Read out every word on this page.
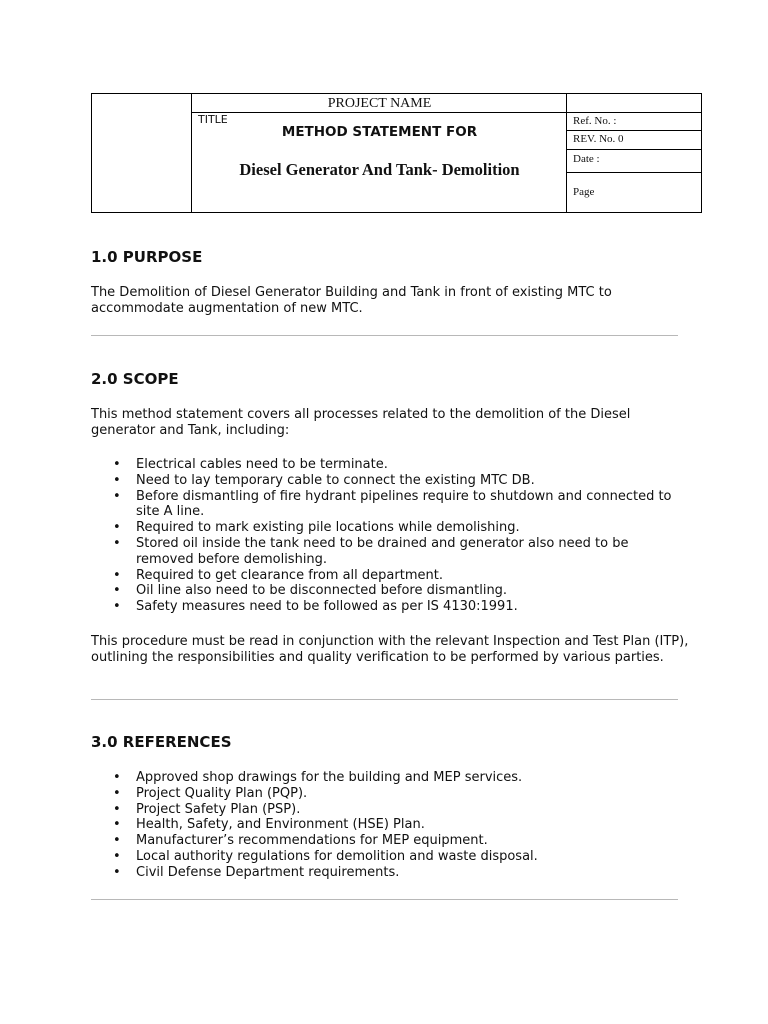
PROJECT NAME
TITLE
METHOD STATEMENT FOR
Diesel Generator And Tank- Demolition
Ref. No. :
REV. No. 0
Date :
Page
1.0 PURPOSE

The Demolition of Diesel Generator Building and Tank in front of existing MTC to accommodate augmentation of new MTC.

2.0 SCOPE

This method statement covers all processes related to the demolition of the Diesel generator and Tank, including:

• Electrical cables need to be terminate.
• Need to lay temporary cable to connect the existing MTC DB.
• Before dismantling of fire hydrant pipelines require to shutdown and connected to site A line.
• Required to mark existing pile locations while demolishing.
• Stored oil inside the tank need to be drained and generator also need to be removed before demolishing.
• Required to get clearance from all department.
• Oil line also need to be disconnected before dismantling.
• Safety measures need to be followed as per IS 4130:1991.

This procedure must be read in conjunction with the relevant Inspection and Test Plan (ITP), outlining the responsibilities and quality verification to be performed by various parties.

3.0 REFERENCES
• Approved shop drawings for the building and MEP services.
• Project Quality Plan (PQP).
• Project Safety Plan (PSP).
• Health, Safety, and Environment (HSE) Plan.
• Manufacturer’s recommendations for MEP equipment.
• Local authority regulations for demolition and waste disposal.
• Civil Defense Department requirements.
